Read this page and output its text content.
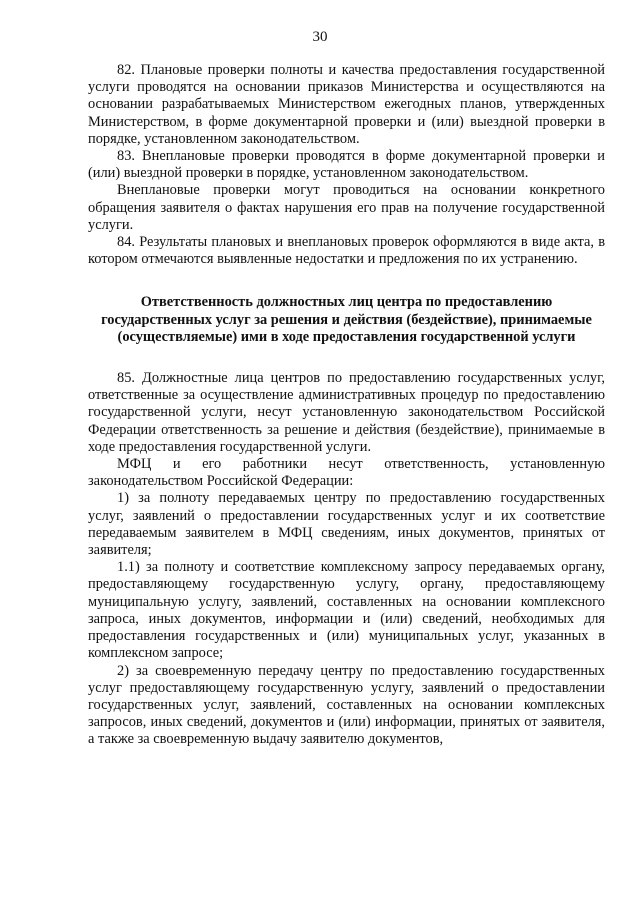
30

82. Плановые проверки полноты и качества предоставления государственной услуги проводятся на основании приказов Министерства и осуществляются на основании разрабатываемых Министерством ежегодных планов, утвержденных Министерством, в форме документарной проверки и (или) выездной проверки в порядке, установленном законодательством.

83. Внеплановые проверки проводятся в форме документарной проверки и (или) выездной проверки в порядке, установленном законодательством.

Внеплановые проверки могут проводиться на основании конкретного обращения заявителя о фактах нарушения его прав на получение государственной услуги.

84. Результаты плановых и внеплановых проверок оформляются в виде акта, в котором отмечаются выявленные недостатки и предложения по их устранению.

Ответственность должностных лиц центра по предоставлению государственных услуг за решения и действия (бездействие), принимаемые (осуществляемые) ими в ходе предоставления государственной услуги

85. Должностные лица центров по предоставлению государственных услуг, ответственные за осуществление административных процедур по предоставлению государственной услуги, несут установленную законодательством Российской Федерации ответственность за решение и действия (бездействие), принимаемые в ходе предоставления государственной услуги.

МФЦ и его работники несут ответственность, установленную законодательством Российской Федерации:

1) за полноту передаваемых центру по предоставлению государственных услуг, заявлений о предоставлении государственных услуг и их соответствие передаваемым заявителем в МФЦ сведениям, иных документов, принятых от заявителя;

1.1) за полноту и соответствие комплексному запросу передаваемых органу, предоставляющему государственную услугу, органу, предоставляющему муниципальную услугу, заявлений, составленных на основании комплексного запроса, иных документов, информации и (или) сведений, необходимых для предоставления государственных и (или) муниципальных услуг, указанных в комплексном запросе;

2) за своевременную передачу центру по предоставлению государственных услуг предоставляющему государственную услугу, заявлений о предоставлении государственных услуг, заявлений, составленных на основании комплексных запросов, иных сведений, документов и (или) информации, принятых от заявителя, а также за своевременную выдачу заявителю документов,
